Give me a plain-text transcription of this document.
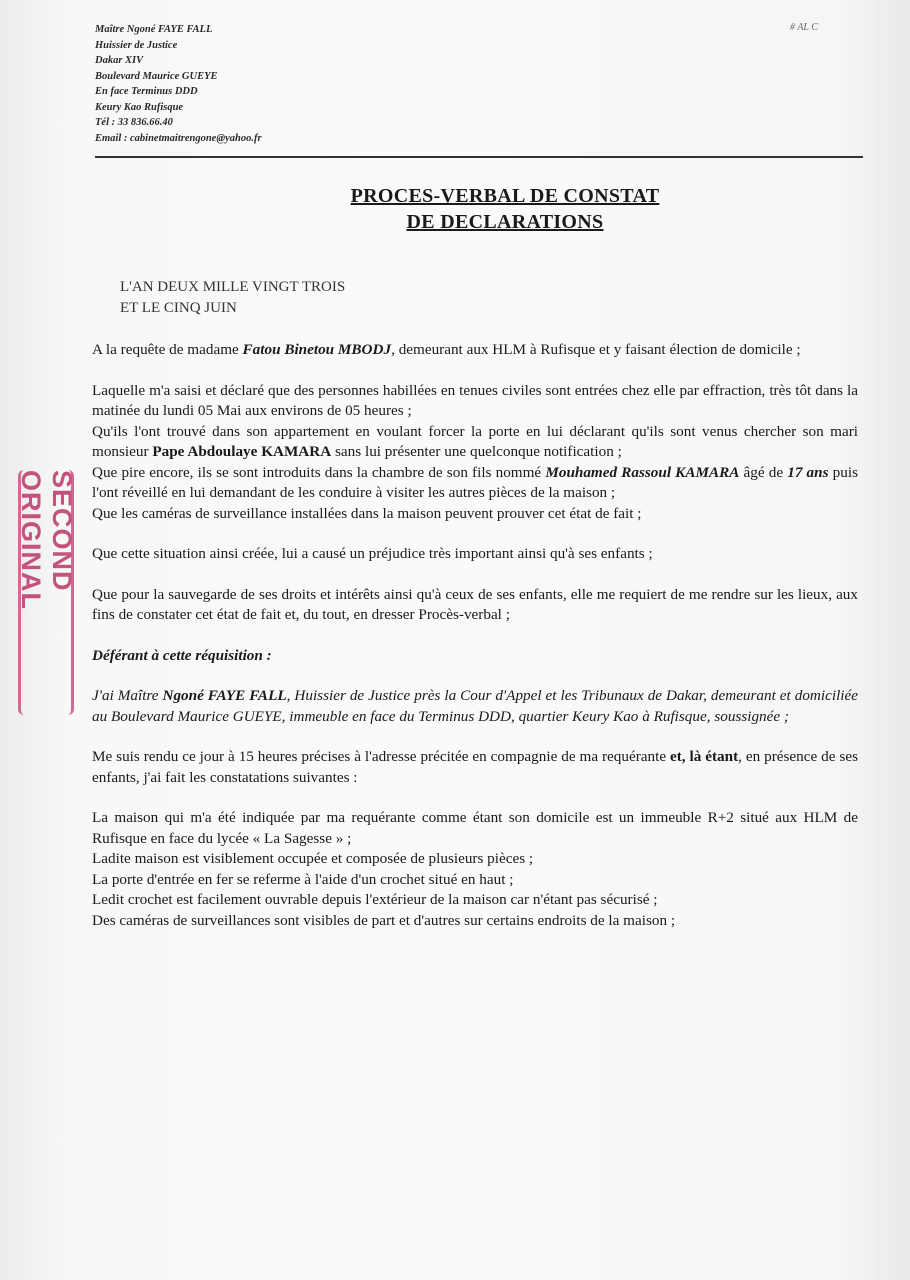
Maître Ngoné FAYE FALL
Huissier de Justice
Dakar XIV
Boulevard Maurice GUEYE
En face Terminus DDD
Keury Kao Rufisque
Tél : 33 836.66.40
Email : cabinetmaitrengone@yahoo.fr
# AL C
PROCES-VERBAL DE CONSTAT
DE DECLARATIONS
L'AN DEUX MILLE VINGT TROIS
ET LE CINQ JUIN
SECOND ORIGINAL

A la requête de madame Fatou Binetou MBODJ, demeurant aux HLM à Rufisque et y faisant élection de domicile ;

Laquelle m'a saisi et déclaré que des personnes habillées en tenues civiles sont entrées chez elle par effraction, très tôt dans la matinée du lundi 05 Mai aux environs de 05 heures ;

Qu'ils l'ont trouvé dans son appartement en voulant forcer la porte en lui déclarant qu'ils sont venus chercher son mari monsieur Pape Abdoulaye KAMARA sans lui présenter une quelconque notification ;

Que pire encore, ils se sont introduits dans la chambre de son fils nommé Mouhamed Rassoul KAMARA âgé de 17 ans puis l'ont réveillé en lui demandant de les conduire à visiter les autres pièces de la maison ;

Que les caméras de surveillance installées dans la maison peuvent prouver cet état de fait ;

Que cette situation ainsi créée, lui a causé un préjudice très important ainsi qu'à ses enfants ;

Que pour la sauvegarde de ses droits et intérêts ainsi qu'à ceux de ses enfants, elle me requiert de me rendre sur les lieux, aux fins de constater cet état de fait et, du tout, en dresser Procès-verbal ;

Déférant à cette réquisition :

J'ai Maître Ngoné FAYE FALL, Huissier de Justice près la Cour d'Appel et les Tribunaux de Dakar, demeurant et domiciliée au Boulevard Maurice GUEYE, immeuble en face du Terminus DDD, quartier Keury Kao à Rufisque, soussignée ;

Me suis rendu ce jour à 15 heures précises à l'adresse précitée en compagnie de ma requérante et, là étant, en présence de ses enfants, j'ai fait les constatations suivantes :

La maison qui m'a été indiquée par ma requérante comme étant son domicile est un immeuble R+2 situé aux HLM de Rufisque en face du lycée « La Sagesse » ;

Ladite maison est visiblement occupée et composée de plusieurs pièces ;

La porte d'entrée en fer se referme à l'aide d'un crochet situé en haut ;

Ledit crochet est facilement ouvrable depuis l'extérieur de la maison car n'étant pas sécurisé ;

Des caméras de surveillances sont visibles de part et d'autres sur certains endroits de la maison ;
